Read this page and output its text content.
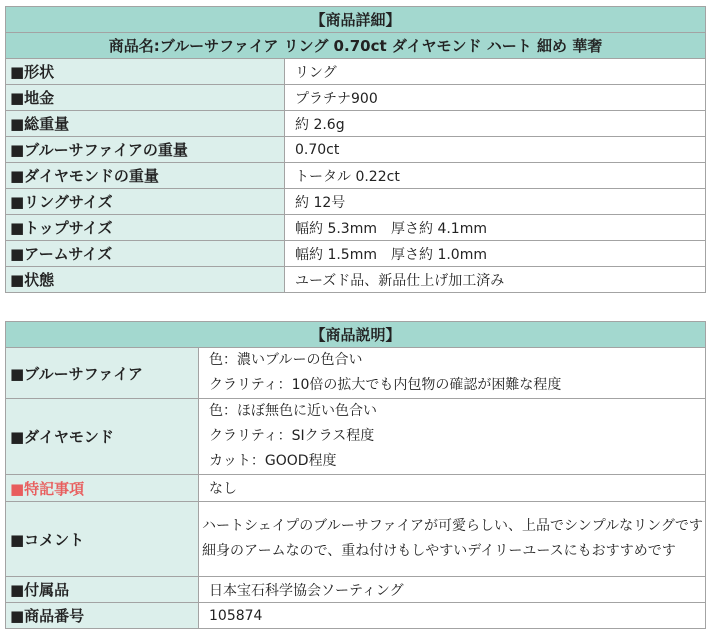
【商品詳細】	
商品名:ブルーサファイア リング 0.70ct ダイヤモンド ハート 細め 華奢	
■形状	リング
■地金	プラチナ900
■総重量	約 2.6g
■ブルーサファイアの重量	0.70ct
■ダイヤモンドの重量	トータル 0.22ct
■リングサイズ	約 12号
■トップサイズ	幅約 5.3mm　厚さ約 4.1mm
■アームサイズ	幅約 1.5mm　厚さ約 1.0mm
■状態	ユーズド品、新品仕上げ加工済み
【商品説明】	
■ブルーサファイア	色：濃いブルーの色合い
クラリティ：10倍の拡大でも内包物の確認が困難な程度

■ダイヤモンド	色：ほぼ無色に近い色合い
クラリティ：SIクラス程度
カット：GOOD程度

■特記事項	なし
■コメント	ハートシェイプのブルーサファイアが可愛らしい、上品でシンプルなリングです
細身のアームなので、重ね付けもしやすいデイリーユースにもおすすめです

■付属品	日本宝石科学協会ソーティング
■商品番号	105874
